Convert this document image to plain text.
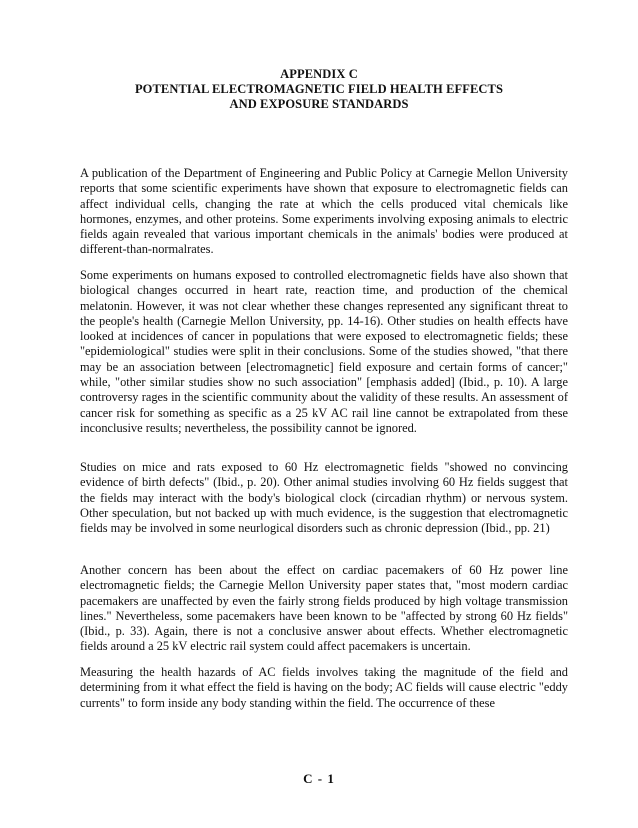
APPENDIX C
POTENTIAL ELECTROMAGNETIC FIELD HEALTH EFFECTS
AND EXPOSURE STANDARDS

A publication of the Department of Engineering and Public Policy at Carnegie Mellon University reports that some scientific experiments have shown that exposure to electromagnetic fields can affect individual cells, changing the rate at which the cells produced vital chemicals like hormones, enzymes, and other proteins. Some experiments involving exposing animals to electric fields again revealed that various important chemicals in the animals' bodies were produced at different-than-normalrates.

Some experiments on humans exposed to controlled electromagnetic fields have also shown that biological changes occurred in heart rate, reaction time, and production of the chemical melatonin. However, it was not clear whether these changes represented any significant threat to the people's health (Carnegie Mellon University, pp. 14-16). Other studies on health effects have looked at incidences of cancer in populations that were exposed to electromagnetic fields; these "epidemiological" studies were split in their conclusions. Some of the studies showed, "that there may be an association between [electromagnetic] field exposure and certain forms of cancer;" while, "other similar studies show no such association" [emphasis added] (Ibid., p. 10). A large controversy rages in the scientific community about the validity of these results. An assessment of cancer risk for something as specific as a 25 kV AC rail line cannot be extrapolated from these inconclusive results; nevertheless, the possibility cannot be ignored.

Studies on mice and rats exposed to 60 Hz electromagnetic fields "showed no convincing evidence of birth defects" (Ibid., p. 20). Other animal studies involving 60 Hz fields suggest that the fields may interact with the body's biological clock (circadian rhythm) or nervous system. Other speculation, but not backed up with much evidence, is the suggestion that electromagnetic fields may be involved in some neurlogical disorders such as chronic depression (Ibid., pp. 21)

Another concern has been about the effect on cardiac pacemakers of 60 Hz power line electromagnetic fields; the Carnegie Mellon University paper states that, "most modern cardiac pacemakers are unaffected by even the fairly strong fields produced by high voltage transmission lines." Nevertheless, some pacemakers have been known to be "affected by strong 60 Hz fields" (Ibid., p. 33). Again, there is not a conclusive answer about effects. Whether electromagnetic fields around a 25 kV electric rail system could affect pacemakers is uncertain.

Measuring the health hazards of AC fields involves taking the magnitude of the field and determining from it what effect the field is having on the body; AC fields will cause electric "eddy currents" to form inside any body standing within the field. The occurrence of these

C - 1
